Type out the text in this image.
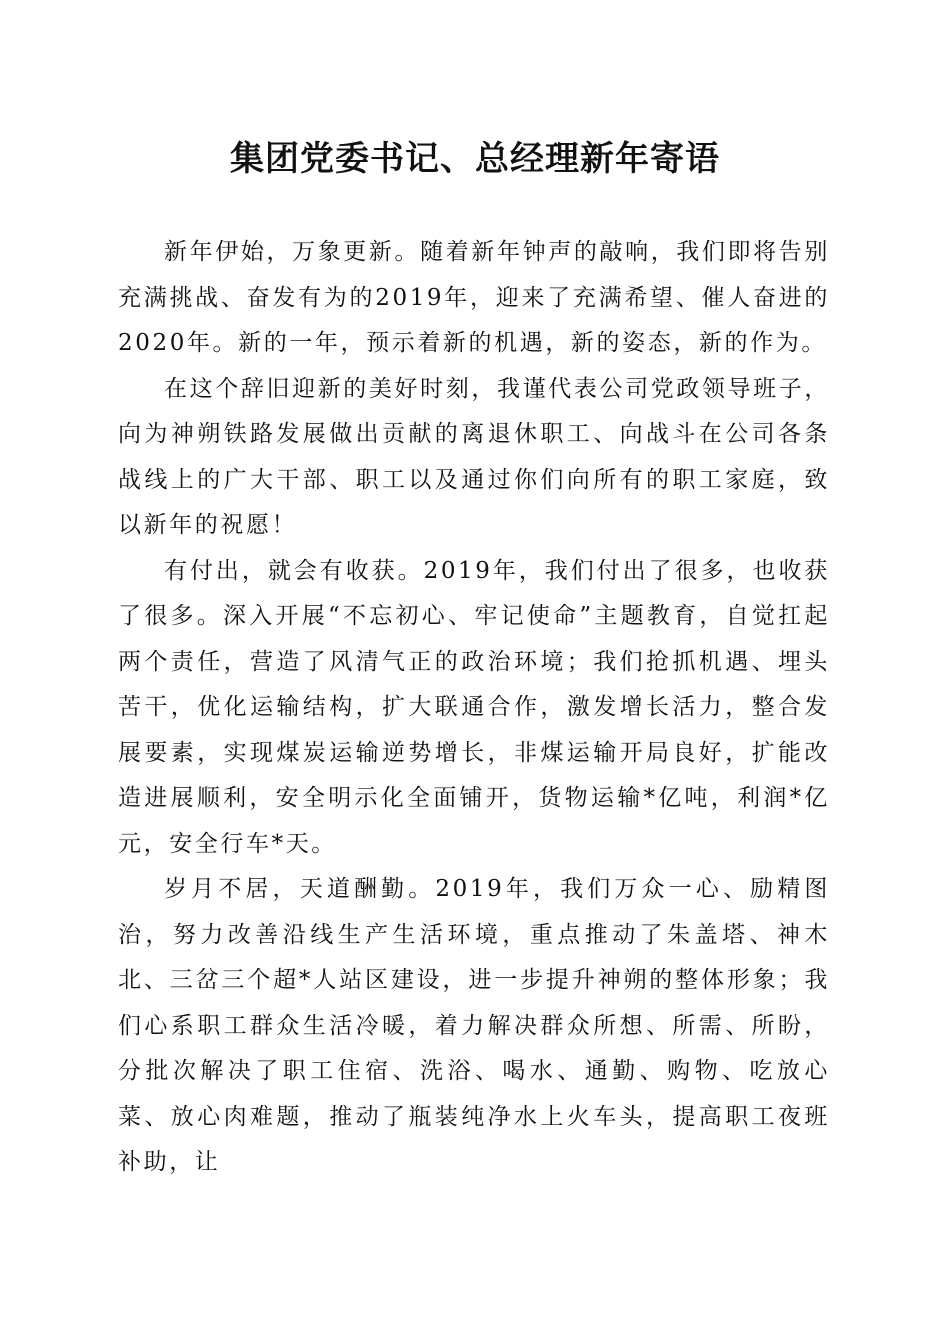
集团党委书记、总经理新年寄语

新年伊始，万象更新。随着新年钟声的敲响，我们即将告别充满挑战、奋发有为的2019年，迎来了充满希望、催人奋进的2020年。新的一年，预示着新的机遇，新的姿态，新的作为。

在这个辞旧迎新的美好时刻，我谨代表公司党政领导班子，向为神朔铁路发展做出贡献的离退休职工、向战斗在公司各条战线上的广大干部、职工以及通过你们向所有的职工家庭，致以新年的祝愿！

有付出，就会有收获。2019年，我们付出了很多，也收获了很多。深入开展“不忘初心、牢记使命”主题教育，自觉扛起两个责任，营造了风清气正的政治环境；我们抢抓机遇、埋头苦干，优化运输结构，扩大联通合作，激发增长活力，整合发展要素，实现煤炭运输逆势增长，非煤运输开局良好，扩能改造进展顺利，安全明示化全面铺开，货物运输*亿吨，利润*亿元，安全行车*天。

岁月不居，天道酬勤。2019年，我们万众一心、励精图治，努力改善沿线生产生活环境，重点推动了朱盖塔、神木北、三岔三个超*人站区建设，进一步提升神朔的整体形象；我们心系职工群众生活冷暖，着力解决群众所想、所需、所盼，分批次解决了职工住宿、洗浴、喝水、通勤、购物、吃放心菜、放心肉难题，推动了瓶装纯净水上火车头，提高职工夜班补助，让
